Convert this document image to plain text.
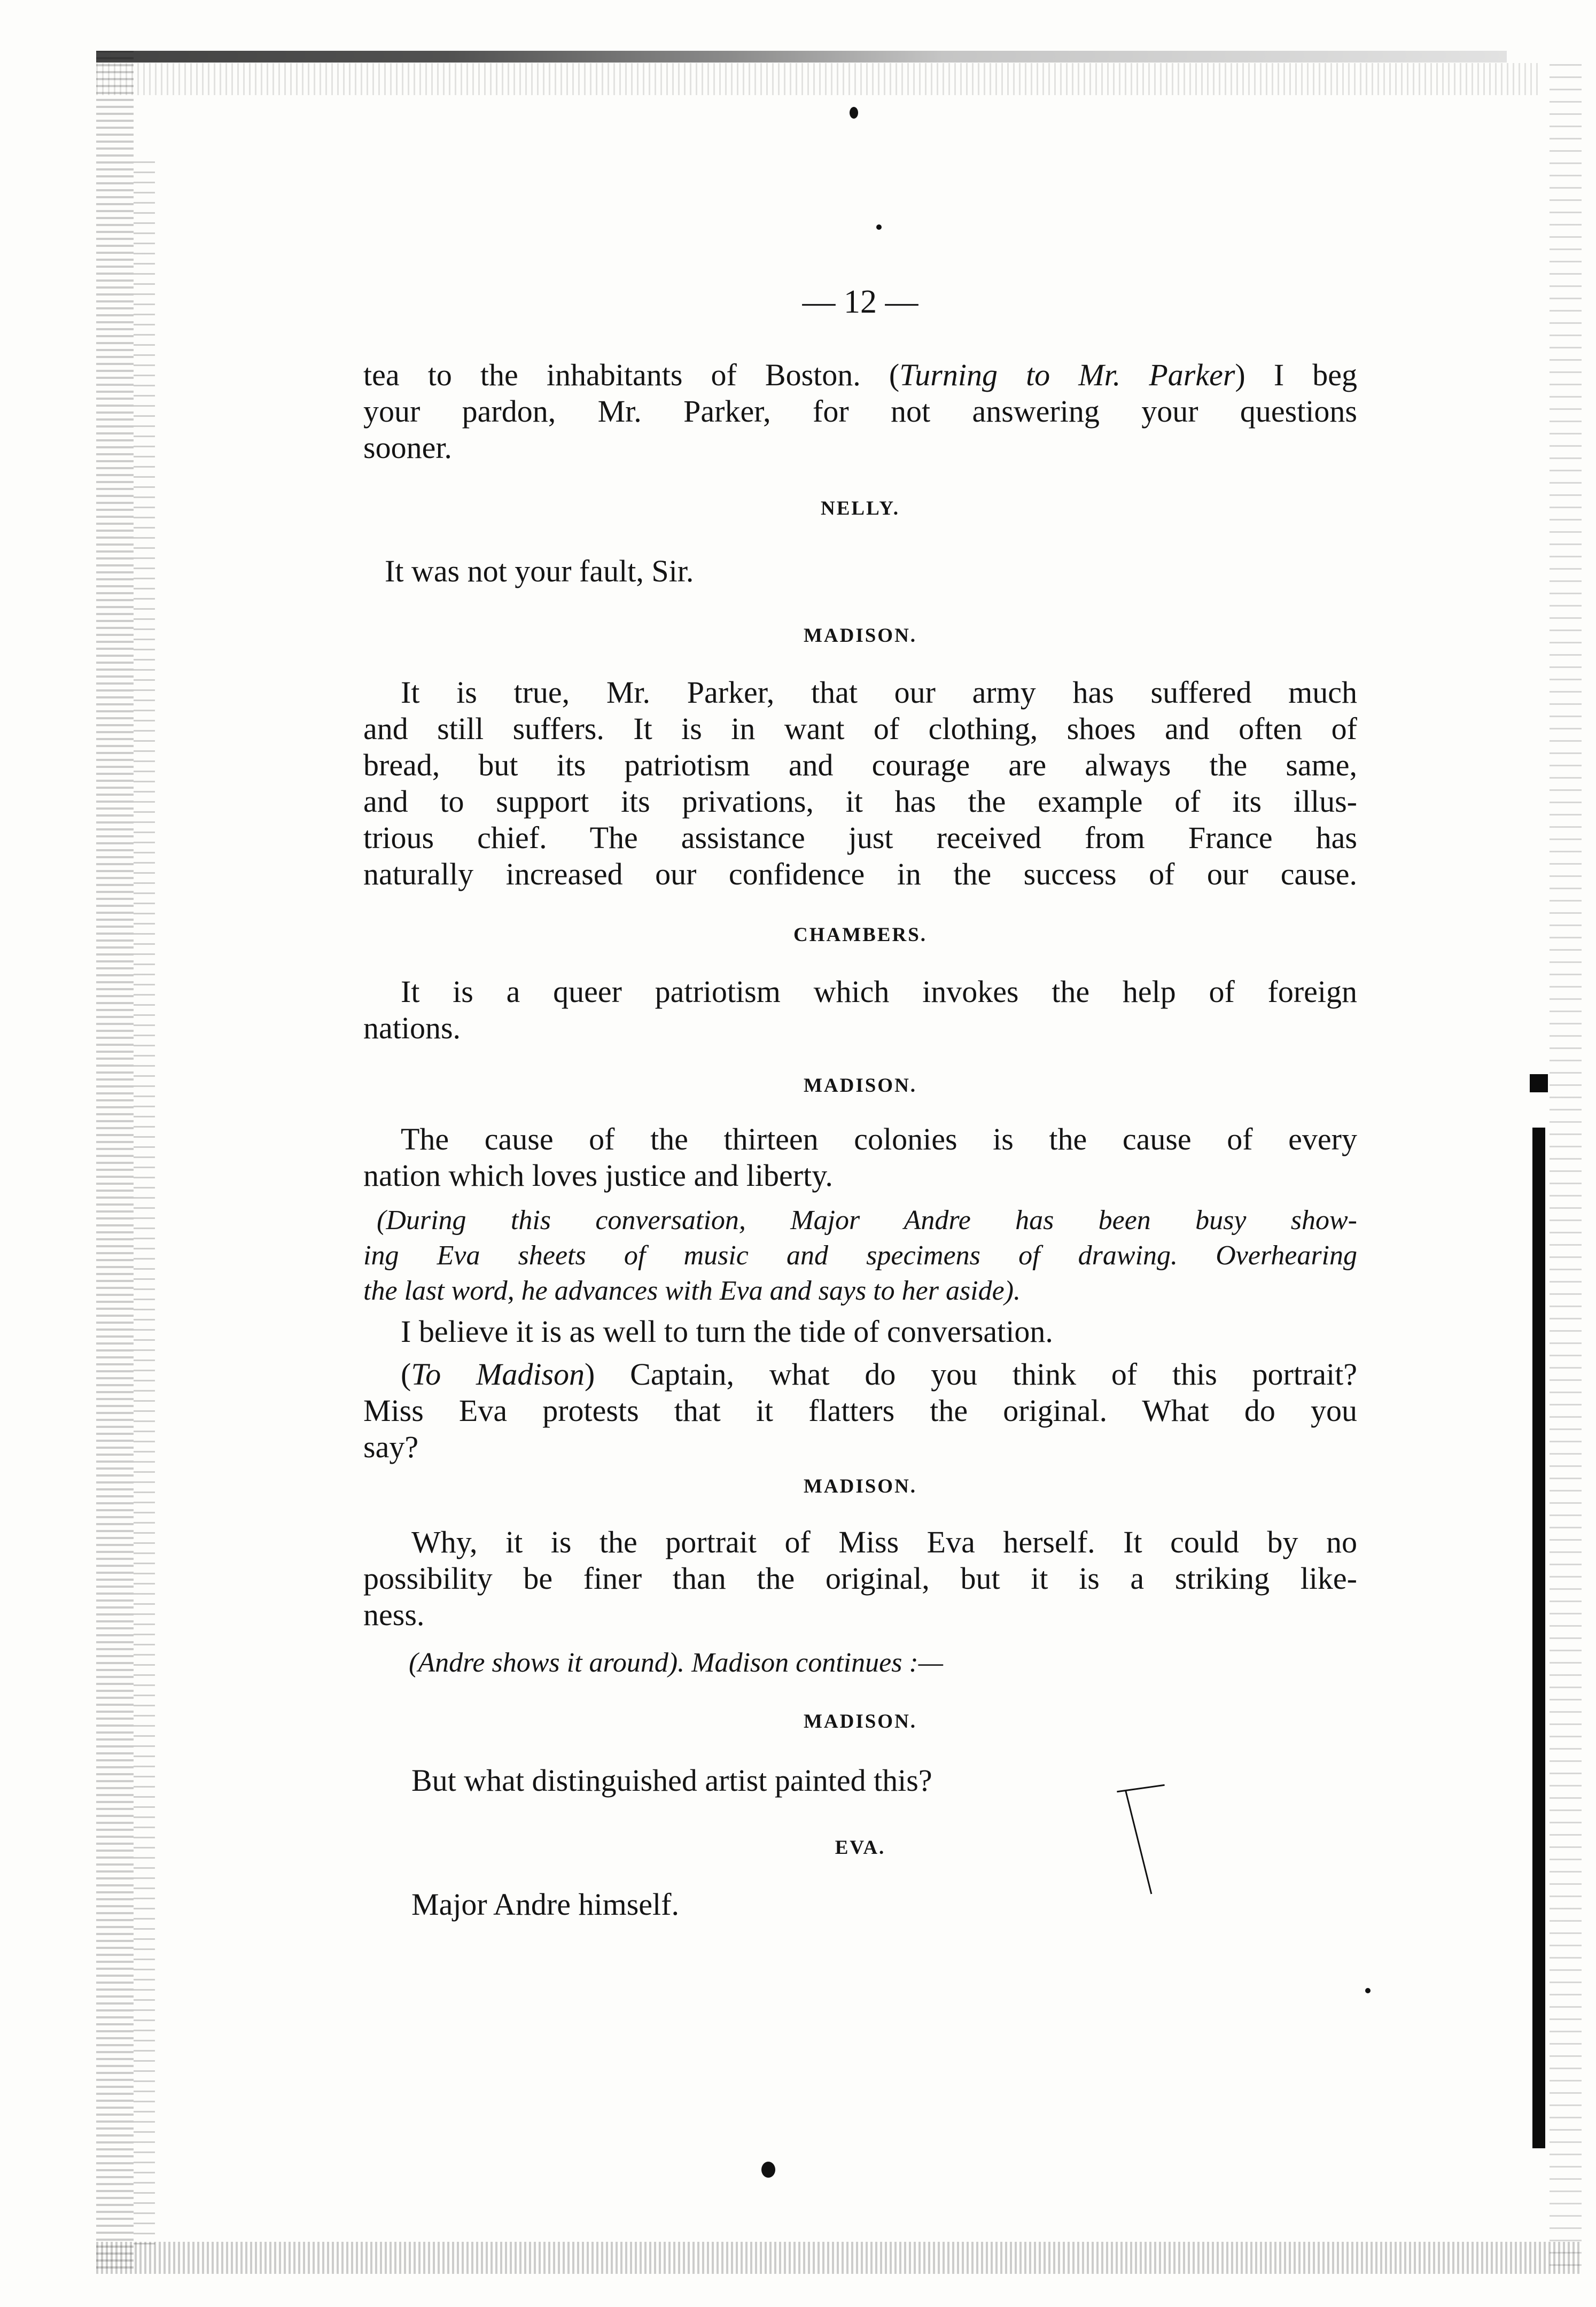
— 12 —
tea to the inhabitants of Boston. (Turning to Mr. Parker) I beg
your pardon, Mr. Parker, for not answering your questions
sooner.
NELLY.
It was not your fault, Sir.
MADISON.
It is true, Mr. Parker, that our army has suffered much
and still suffers. It is in want of clothing, shoes and often of
bread, but its patriotism and courage are always the same,
and to support its privations, it has the example of its illus-
trious chief. The assistance just received from France has
naturally increased our confidence in the success of our cause.
CHAMBERS.
It is a queer patriotism which invokes the help of foreign
nations.
MADISON.
The cause of the thirteen colonies is the cause of every
nation which loves justice and liberty.
(During this conversation, Major Andre has been busy show-
ing Eva sheets of music and specimens of drawing. Overhearing
the last word, he advances with Eva and says to her aside).
I believe it is as well to turn the tide of conversation.
(To Madison) Captain, what do you think of this portrait?
Miss Eva protests that it flatters the original. What do you
say?
MADISON.
Why, it is the portrait of Miss Eva herself. It could by no
possibility be finer than the original, but it is a striking like-
ness.
(Andre shows it around). Madison continues :—
MADISON.
But what distinguished artist painted this?
EVA.
Major Andre himself.
